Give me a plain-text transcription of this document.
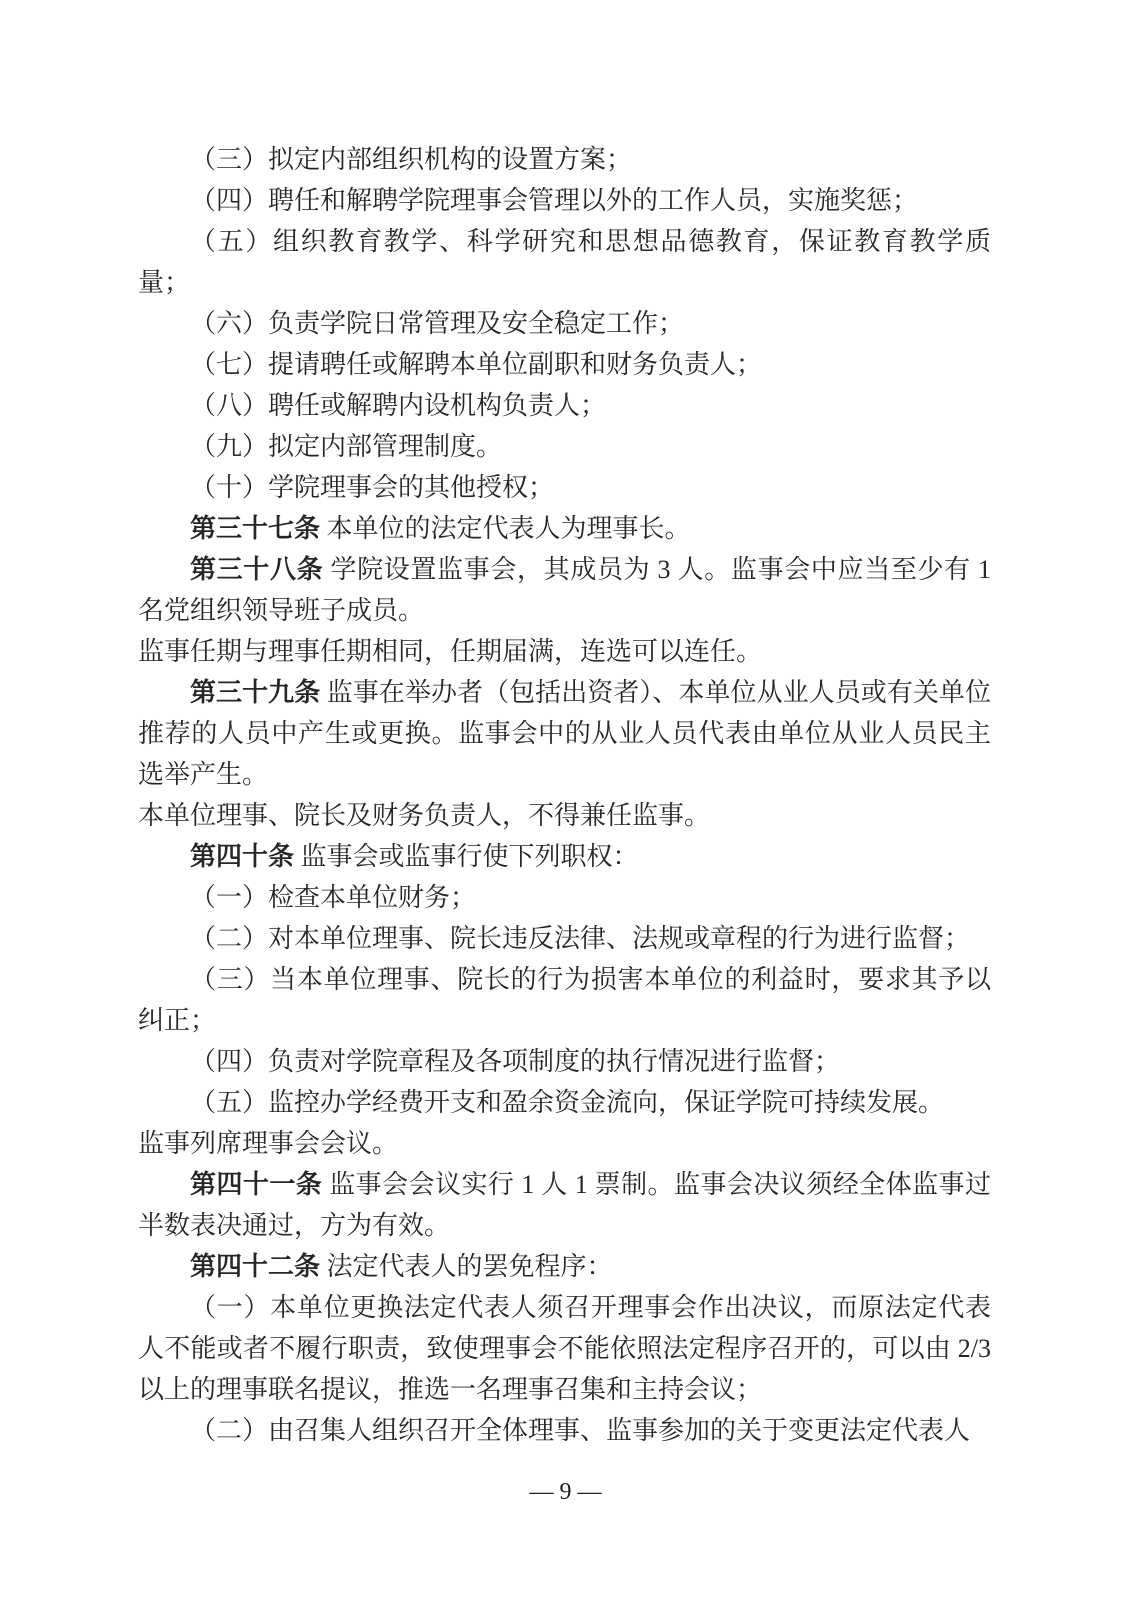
（三）拟定内部组织机构的设置方案；

（四）聘任和解聘学院理事会管理以外的工作人员，实施奖惩；

（五）组织教育教学、科学研究和思想品德教育，保证教育教学质量；

（六）负责学院日常管理及安全稳定工作；

（七）提请聘任或解聘本单位副职和财务负责人；

（八）聘任或解聘内设机构负责人；

（九）拟定内部管理制度。

（十）学院理事会的其他授权；

第三十七条 本单位的法定代表人为理事长。

第三十八条 学院设置监事会，其成员为 3 人。监事会中应当至少有 1 名党组织领导班子成员。

监事任期与理事任期相同，任期届满，连选可以连任。

第三十九条 监事在举办者（包括出资者）、本单位从业人员或有关单位推荐的人员中产生或更换。监事会中的从业人员代表由单位从业人员民主选举产生。

本单位理事、院长及财务负责人，不得兼任监事。

第四十条 监事会或监事行使下列职权：

（一）检查本单位财务；

（二）对本单位理事、院长违反法律、法规或章程的行为进行监督；

（三）当本单位理事、院长的行为损害本单位的利益时，要求其予以纠正；

（四）负责对学院章程及各项制度的执行情况进行监督；

（五）监控办学经费开支和盈余资金流向，保证学院可持续发展。

监事列席理事会会议。

第四十一条 监事会会议实行 1 人 1 票制。监事会决议须经全体监事过半数表决通过，方为有效。

第四十二条 法定代表人的罢免程序：

（一）本单位更换法定代表人须召开理事会作出决议，而原法定代表人不能或者不履行职责，致使理事会不能依照法定程序召开的，可以由 2/3 以上的理事联名提议，推选一名理事召集和主持会议；

（二）由召集人组织召开全体理事、监事参加的关于变更法定代表人

— 9 —
